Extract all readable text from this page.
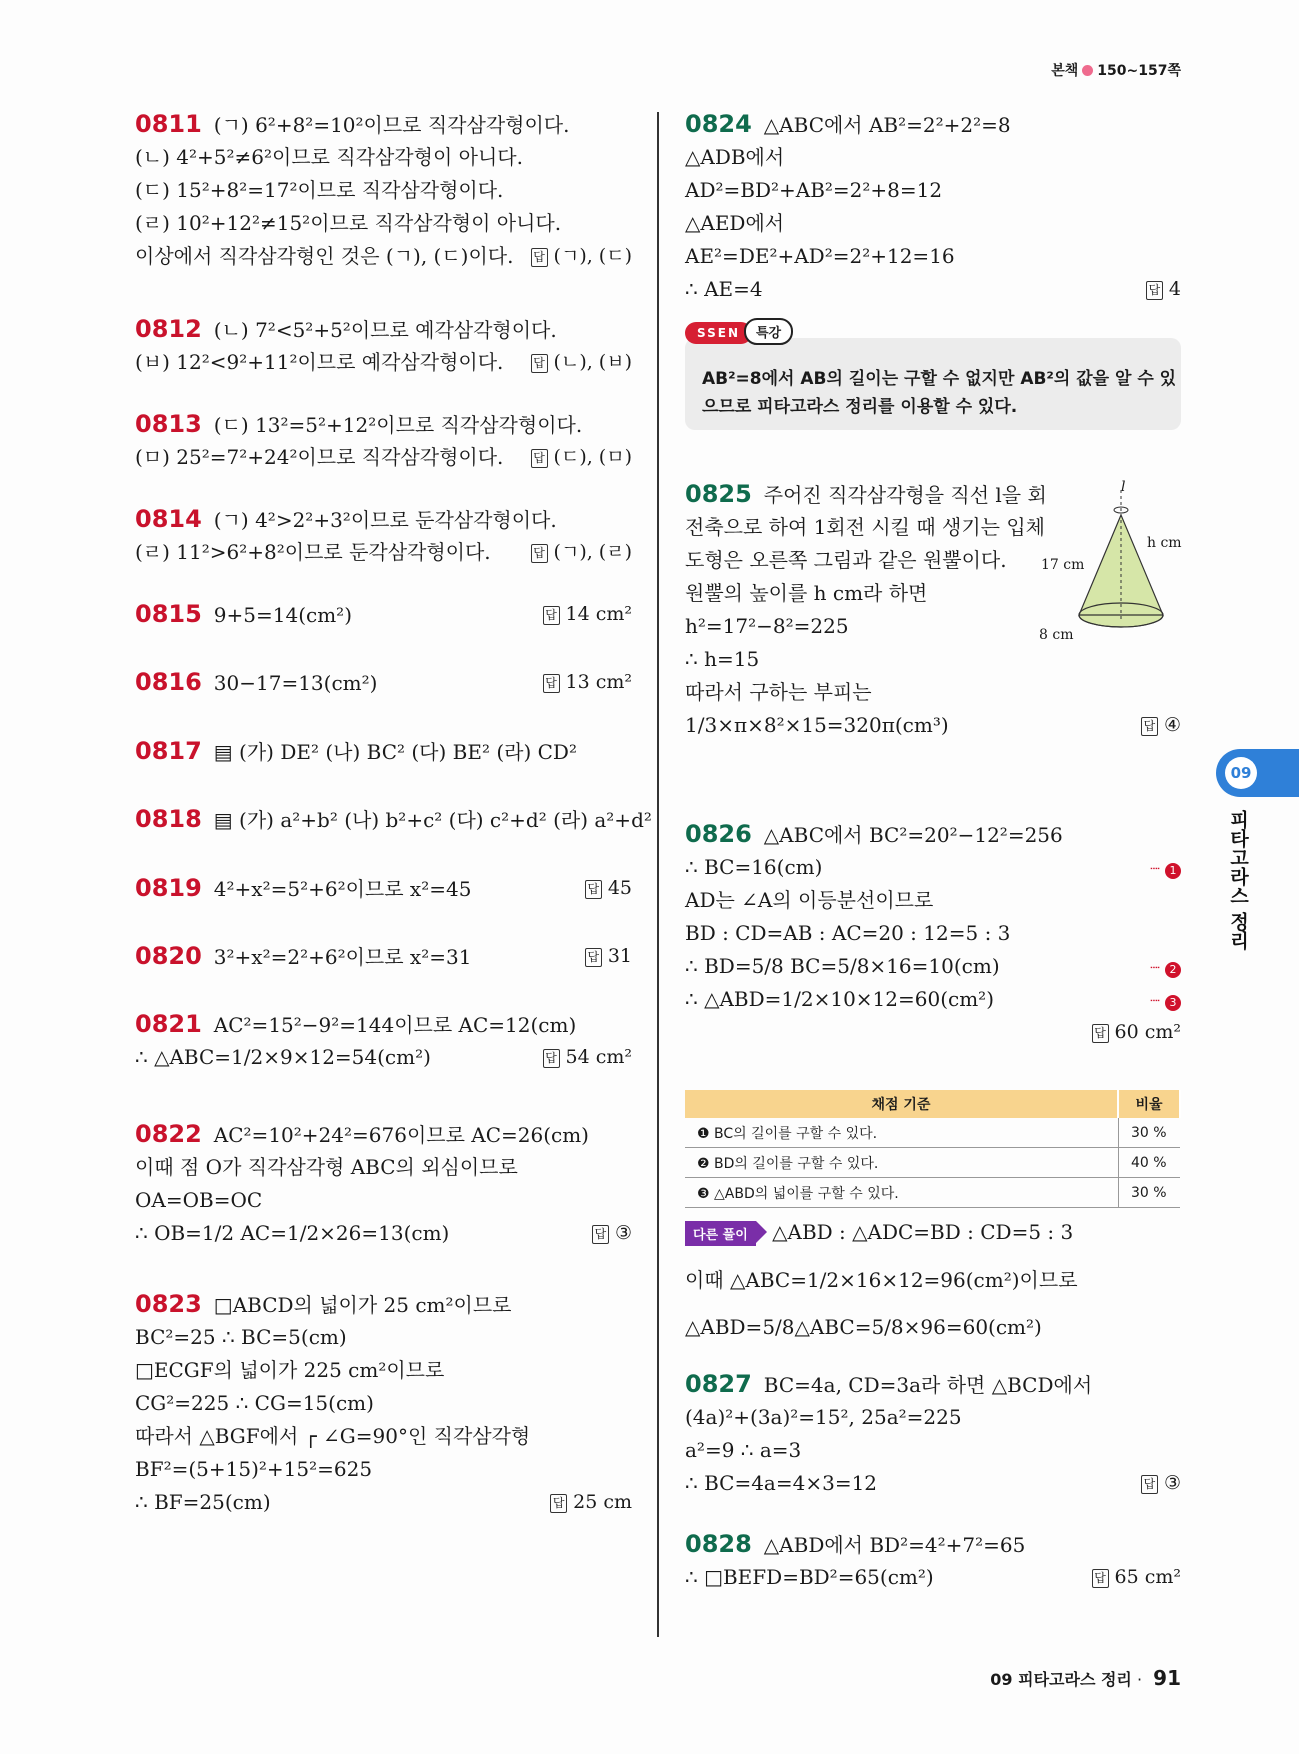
본책 150~157쪽
0811 (ㄱ) 6²+8²=10²이므로 직각삼각형이다.
(ㄴ) 4²+5²≠6²이므로 직각삼각형이 아니다.
(ㄷ) 15²+8²=17²이므로 직각삼각형이다.
(ㄹ) 10²+12²≠15²이므로 직각삼각형이 아니다.
이상에서 직각삼각형인 것은 (ㄱ), (ㄷ)이다. 답 (ㄱ), (ㄷ)
0812 (ㄴ) 7²<5²+5²이므로 예각삼각형이다.
(ㅂ) 12²<9²+11²이므로 예각삼각형이다. 답 (ㄴ), (ㅂ)
0813 (ㄷ) 13²=5²+12²이므로 직각삼각형이다.
(ㅁ) 25²=7²+24²이므로 직각삼각형이다. 답 (ㄷ), (ㅁ)
0814 (ㄱ) 4²>2²+3²이므로 둔각삼각형이다.
(ㄹ) 11²>6²+8²이므로 둔각삼각형이다.	답 (ㄱ), (ㄹ)
0815 9+5=14(cm²)	답 14 cm²
0816 30−17=13(cm²)	답 13 cm²
0817 ▤ (가) DE² (나) BC² (다) BE² (라) CD²
0818 ▤ (가) a²+b² (나) b²+c² (다) c²+d² (라) a²+d²
0819 4²+x²=5²+6²이므로 x²=45	답 45
0820 3²+x²=2²+6²이므로 x²=31	답 31
0821 AC²=15²−9²=144이므로 AC=12(cm)
∴ △ABC=1/2×9×12=54(cm²)	답 54 cm²
0822 AC²=10²+24²=676이므로 AC=26(cm)
이때 점 O가 직각삼각형 ABC의 외심이므로
OA=OB=OC
∴ OB=1/2 AC=1/2×26=13(cm)	답 ③
0823 □ABCD의 넓이가 25 cm²이므로
BC²=25 ∴ BC=5(cm)
□ECGF의 넓이가 225 cm²이므로
CG²=225 ∴ CG=15(cm)
따라서 △BGF에서 ┌ ∠G=90°인 직각삼각형
BF²=(5+15)²+15²=625
∴ BF=25(cm)	답 25 cm
0824 △ABC에서 AB²=2²+2²=8
△ADB에서
AD²=BD²+AB²=2²+8=12
△AED에서
AE²=DE²+AD²=2²+12=16
∴ AE=4	답 4
0825 주어진 직각삼각형을 직선 l을 회
전축으로 하여 1회전 시킬 때 생기는 입체
도형은 오른쪽 그림과 같은 원뿔이다.
원뿔의 높이를 h cm라 하면
h²=17²−8²=225
∴ h=15
따라서 구하는 부피는
1/3×π×8²×15=320π(cm³)	답 ④
0826 △ABC에서 BC²=20²−12²=256
∴ BC=16(cm)
AD는 ∠A의 이등분선이므로
BD : CD=AB : AC=20 : 12=5 : 3
∴ BD=5/8 BC=5/8×16=10(cm)
∴ △ABD=1/2×10×12=60(cm²)
답 60 cm²
┈ 1
┈ 2
┈ 3
0827 BC=4a, CD=3a라 하면 △BCD에서
(4a)²+(3a)²=15², 25a²=225
a²=9 ∴ a=3
∴ BC=4a=4×3=12	답 ③
0828 △ABD에서 BD²=4²+7²=65
∴ □BEFD=BD²=65(cm²)	답 65 cm²
AB²=8에서 AB의 길이는 구할 수 없지만 AB²의 값을 알 수 있
으므로 피타고라스 정리를 이용할 수 있다.
SSEN 특강
l
h cm
17 cm
8 cm
채점 기준	비율
❶ BC의 길이를 구할 수 있다.	30 %
❷ BD의 길이를 구할 수 있다.	40 %
❸ △ABD의 넓이를 구할 수 있다.	30 %
다른 풀이 △ABD : △ADC=BD : CD=5 : 3
이때 △ABC=1/2×16×12=96(cm²)이므로
△ABD=5/8△ABC=5/8×96=60(cm²)
09
피타고라스 정리
09 피타고라스 정리 · 91
